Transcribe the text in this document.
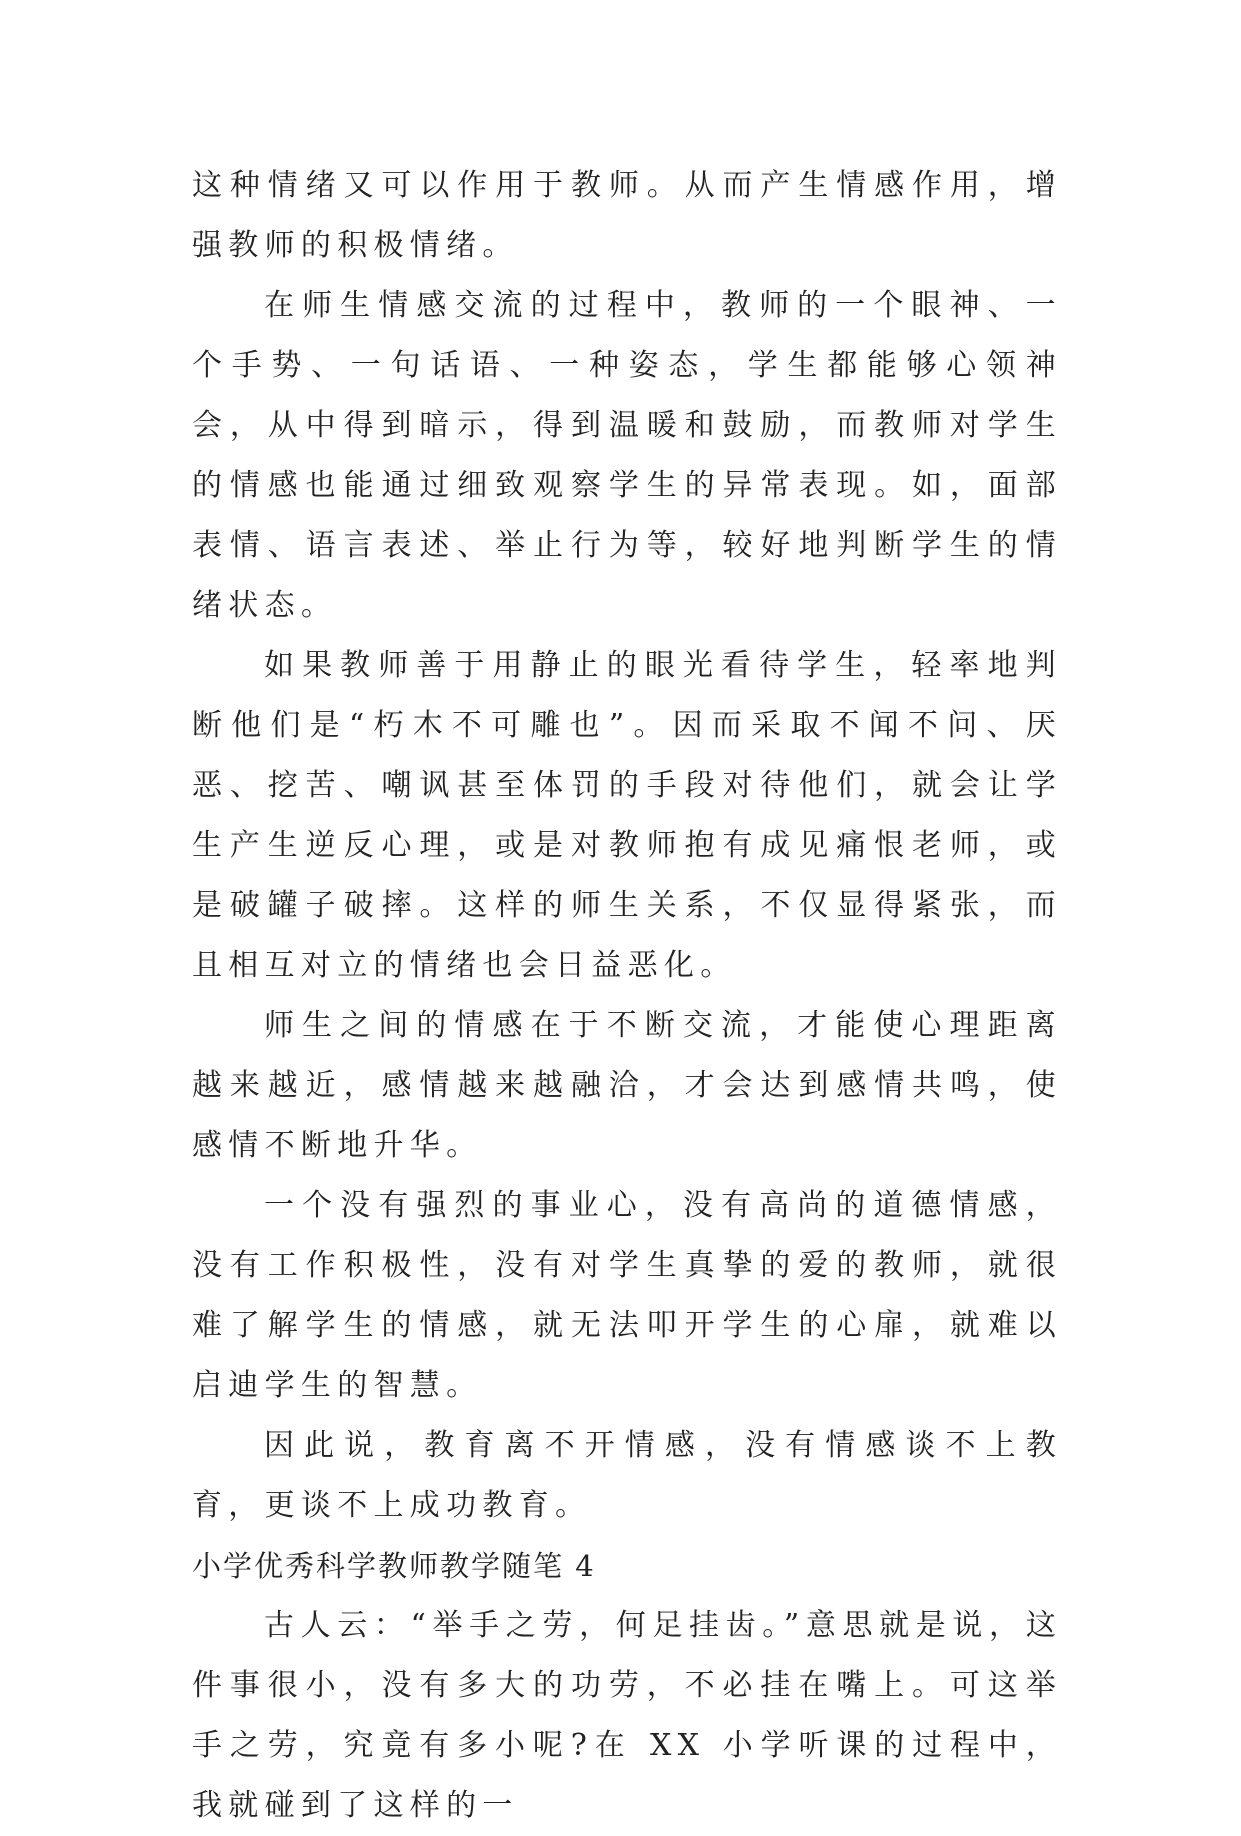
这种情绪又可以作用于教师。从而产生情感作用，增强教师的积极情绪。

在师生情感交流的过程中，教师的一个眼神、一个手势、一句话语、一种姿态，学生都能够心领神会，从中得到暗示，得到温暖和鼓励，而教师对学生的情感也能通过细致观察学生的异常表现。如，面部表情、语言表述、举止行为等，较好地判断学生的情绪状态。

如果教师善于用静止的眼光看待学生，轻率地判断他们是“朽木不可雕也”。因而采取不闻不问、厌恶、挖苦、嘲讽甚至体罚的手段对待他们，就会让学生产生逆反心理，或是对教师抱有成见痛恨老师，或是破罐子破摔。这样的师生关系，不仅显得紧张，而且相互对立的情绪也会日益恶化。

师生之间的情感在于不断交流，才能使心理距离越来越近，感情越来越融洽，才会达到感情共鸣，使感情不断地升华。

一个没有强烈的事业心，没有高尚的道德情感，没有工作积极性，没有对学生真挚的爱的教师，就很难了解学生的情感，就无法叩开学生的心扉，就难以启迪学生的智慧。

因此说，教育离不开情感，没有情感谈不上教育，更谈不上成功教育。

小学优秀科学教师教学随笔 4

古人云：“举手之劳，何足挂齿。”意思就是说，这件事很小，没有多大的功劳，不必挂在嘴上。可这举手之劳，究竟有多小呢?在 XX 小学听课的过程中，我就碰到了这样的一
